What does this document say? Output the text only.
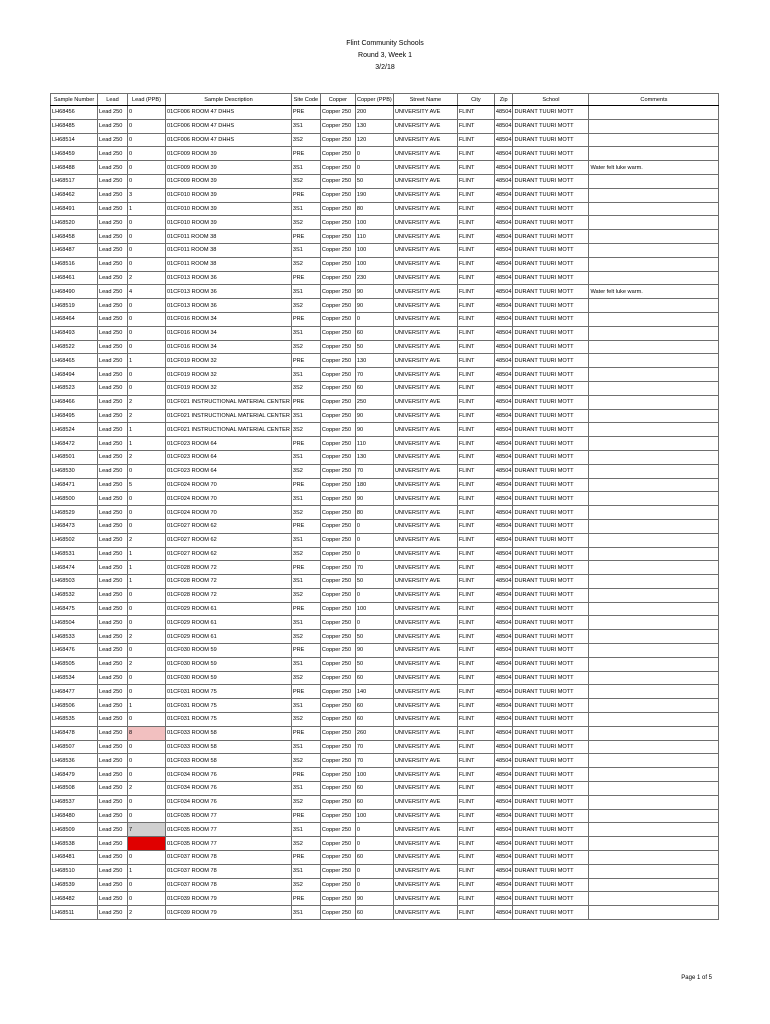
Flint Community Schools
Round 3, Week 1
3/2/18
Sample Number	Lead	Lead (PPB)	Sample Description	Site Code	Copper	Copper (PPB)	Street Name	City	Zip	School	Comments
LH68456	Lead 250	0	01CF006 ROOM 47 DHHS	PRE	Copper 250	200	UNIVERSITY AVE	FLINT	48504	DURANT TUURI MOTT	
LH68485	Lead 250	0	01CF006 ROOM 47 DHHS	3S1	Copper 250	130	UNIVERSITY AVE	FLINT	48504	DURANT TUURI MOTT	
LH68514	Lead 250	0	01CF006 ROOM 47 DHHS	3S2	Copper 250	120	UNIVERSITY AVE	FLINT	48504	DURANT TUURI MOTT	
LH68459	Lead 250	0	01CF009 ROOM 39	PRE	Copper 250	0	UNIVERSITY AVE	FLINT	48504	DURANT TUURI MOTT	
LH68488	Lead 250	0	01CF009 ROOM 39	3S1	Copper 250	0	UNIVERSITY AVE	FLINT	48504	DURANT TUURI MOTT	Water felt luke warm.
LH68517	Lead 250	0	01CF009 ROOM 39	3S2	Copper 250	50	UNIVERSITY AVE	FLINT	48504	DURANT TUURI MOTT	
LH68462	Lead 250	3	01CF010 ROOM 39	PRE	Copper 250	190	UNIVERSITY AVE	FLINT	48504	DURANT TUURI MOTT	
LH68491	Lead 250	1	01CF010 ROOM 39	3S1	Copper 250	80	UNIVERSITY AVE	FLINT	48504	DURANT TUURI MOTT	
LH68520	Lead 250	0	01CF010 ROOM 39	3S2	Copper 250	100	UNIVERSITY AVE	FLINT	48504	DURANT TUURI MOTT	
LH68458	Lead 250	0	01CF011 ROOM 38	PRE	Copper 250	110	UNIVERSITY AVE	FLINT	48504	DURANT TUURI MOTT	
LH68487	Lead 250	0	01CF011 ROOM 38	3S1	Copper 250	100	UNIVERSITY AVE	FLINT	48504	DURANT TUURI MOTT	
LH68516	Lead 250	0	01CF011 ROOM 38	3S2	Copper 250	100	UNIVERSITY AVE	FLINT	48504	DURANT TUURI MOTT	
LH68461	Lead 250	2	01CF013 ROOM 36	PRE	Copper 250	230	UNIVERSITY AVE	FLINT	48504	DURANT TUURI MOTT	
LH68490	Lead 250	4	01CF013 ROOM 36	3S1	Copper 250	90	UNIVERSITY AVE	FLINT	48504	DURANT TUURI MOTT	Water felt luke warm.
LH68519	Lead 250	0	01CF013 ROOM 36	3S2	Copper 250	90	UNIVERSITY AVE	FLINT	48504	DURANT TUURI MOTT	
LH68464	Lead 250	0	01CF016 ROOM 34	PRE	Copper 250	0	UNIVERSITY AVE	FLINT	48504	DURANT TUURI MOTT	
LH68493	Lead 250	0	01CF016 ROOM 34	3S1	Copper 250	60	UNIVERSITY AVE	FLINT	48504	DURANT TUURI MOTT	
LH68522	Lead 250	0	01CF016 ROOM 34	3S2	Copper 250	50	UNIVERSITY AVE	FLINT	48504	DURANT TUURI MOTT	
LH68465	Lead 250	1	01CF019 ROOM 32	PRE	Copper 250	130	UNIVERSITY AVE	FLINT	48504	DURANT TUURI MOTT	
LH68494	Lead 250	0	01CF019 ROOM 32	3S1	Copper 250	70	UNIVERSITY AVE	FLINT	48504	DURANT TUURI MOTT	
LH68523	Lead 250	0	01CF019 ROOM 32	3S2	Copper 250	60	UNIVERSITY AVE	FLINT	48504	DURANT TUURI MOTT	
LH68466	Lead 250	2	01CF021 INSTRUCTIONAL MATERIAL CENTER	PRE	Copper 250	250	UNIVERSITY AVE	FLINT	48504	DURANT TUURI MOTT	
LH68495	Lead 250	2	01CF021 INSTRUCTIONAL MATERIAL CENTER	3S1	Copper 250	90	UNIVERSITY AVE	FLINT	48504	DURANT TUURI MOTT	
LH68524	Lead 250	1	01CF021 INSTRUCTIONAL MATERIAL CENTER	3S2	Copper 250	90	UNIVERSITY AVE	FLINT	48504	DURANT TUURI MOTT	
LH68472	Lead 250	1	01CF023 ROOM 64	PRE	Copper 250	110	UNIVERSITY AVE	FLINT	48504	DURANT TUURI MOTT	
LH68501	Lead 250	2	01CF023 ROOM 64	3S1	Copper 250	130	UNIVERSITY AVE	FLINT	48504	DURANT TUURI MOTT	
LH68530	Lead 250	0	01CF023 ROOM 64	3S2	Copper 250	70	UNIVERSITY AVE	FLINT	48504	DURANT TUURI MOTT	
LH68471	Lead 250	5	01CF024 ROOM 70	PRE	Copper 250	180	UNIVERSITY AVE	FLINT	48504	DURANT TUURI MOTT	
LH68500	Lead 250	0	01CF024 ROOM 70	3S1	Copper 250	90	UNIVERSITY AVE	FLINT	48504	DURANT TUURI MOTT	
LH68529	Lead 250	0	01CF024 ROOM 70	3S2	Copper 250	80	UNIVERSITY AVE	FLINT	48504	DURANT TUURI MOTT	
LH68473	Lead 250	0	01CF027 ROOM 62	PRE	Copper 250	0	UNIVERSITY AVE	FLINT	48504	DURANT TUURI MOTT	
LH68502	Lead 250	2	01CF027 ROOM 62	3S1	Copper 250	0	UNIVERSITY AVE	FLINT	48504	DURANT TUURI MOTT	
LH68531	Lead 250	1	01CF027 ROOM 62	3S2	Copper 250	0	UNIVERSITY AVE	FLINT	48504	DURANT TUURI MOTT	
LH68474	Lead 250	1	01CF028 ROOM 72	PRE	Copper 250	70	UNIVERSITY AVE	FLINT	48504	DURANT TUURI MOTT	
LH68503	Lead 250	1	01CF028 ROOM 72	3S1	Copper 250	50	UNIVERSITY AVE	FLINT	48504	DURANT TUURI MOTT	
LH68532	Lead 250	0	01CF028 ROOM 72	3S2	Copper 250	0	UNIVERSITY AVE	FLINT	48504	DURANT TUURI MOTT	
LH68475	Lead 250	0	01CF029 ROOM 61	PRE	Copper 250	100	UNIVERSITY AVE	FLINT	48504	DURANT TUURI MOTT	
LH68504	Lead 250	0	01CF029 ROOM 61	3S1	Copper 250	0	UNIVERSITY AVE	FLINT	48504	DURANT TUURI MOTT	
LH68533	Lead 250	2	01CF029 ROOM 61	3S2	Copper 250	50	UNIVERSITY AVE	FLINT	48504	DURANT TUURI MOTT	
LH68476	Lead 250	0	01CF030 ROOM 59	PRE	Copper 250	90	UNIVERSITY AVE	FLINT	48504	DURANT TUURI MOTT	
LH68505	Lead 250	2	01CF030 ROOM 59	3S1	Copper 250	50	UNIVERSITY AVE	FLINT	48504	DURANT TUURI MOTT	
LH68534	Lead 250	0	01CF030 ROOM 59	3S2	Copper 250	60	UNIVERSITY AVE	FLINT	48504	DURANT TUURI MOTT	
LH68477	Lead 250	0	01CF031 ROOM 75	PRE	Copper 250	140	UNIVERSITY AVE	FLINT	48504	DURANT TUURI MOTT	
LH68506	Lead 250	1	01CF031 ROOM 75	3S1	Copper 250	60	UNIVERSITY AVE	FLINT	48504	DURANT TUURI MOTT	
LH68535	Lead 250	0	01CF031 ROOM 75	3S2	Copper 250	60	UNIVERSITY AVE	FLINT	48504	DURANT TUURI MOTT	
LH68478	Lead 250	8	01CF033 ROOM 58	PRE	Copper 250	260	UNIVERSITY AVE	FLINT	48504	DURANT TUURI MOTT	
LH68507	Lead 250	0	01CF033 ROOM 58	3S1	Copper 250	70	UNIVERSITY AVE	FLINT	48504	DURANT TUURI MOTT	
LH68536	Lead 250	0	01CF033 ROOM 58	3S2	Copper 250	70	UNIVERSITY AVE	FLINT	48504	DURANT TUURI MOTT	
LH68479	Lead 250	0	01CF034 ROOM 76	PRE	Copper 250	100	UNIVERSITY AVE	FLINT	48504	DURANT TUURI MOTT	
LH68508	Lead 250	2	01CF034 ROOM 76	3S1	Copper 250	60	UNIVERSITY AVE	FLINT	48504	DURANT TUURI MOTT	
LH68537	Lead 250	0	01CF034 ROOM 76	3S2	Copper 250	60	UNIVERSITY AVE	FLINT	48504	DURANT TUURI MOTT	
LH68480	Lead 250	0	01CF035 ROOM 77	PRE	Copper 250	100	UNIVERSITY AVE	FLINT	48504	DURANT TUURI MOTT	
LH68509	Lead 250	7	01CF035 ROOM 77	3S1	Copper 250	0	UNIVERSITY AVE	FLINT	48504	DURANT TUURI MOTT	
LH68538	Lead 250		01CF035 ROOM 77	3S2	Copper 250	0	UNIVERSITY AVE	FLINT	48504	DURANT TUURI MOTT	
LH68481	Lead 250	0	01CF037 ROOM 78	PRE	Copper 250	60	UNIVERSITY AVE	FLINT	48504	DURANT TUURI MOTT	
LH68510	Lead 250	1	01CF037 ROOM 78	3S1	Copper 250	0	UNIVERSITY AVE	FLINT	48504	DURANT TUURI MOTT	
LH68539	Lead 250	0	01CF037 ROOM 78	3S2	Copper 250	0	UNIVERSITY AVE	FLINT	48504	DURANT TUURI MOTT	
LH68482	Lead 250	0	01CF039 ROOM 79	PRE	Copper 250	90	UNIVERSITY AVE	FLINT	48504	DURANT TUURI MOTT	
LH68511	Lead 250	2	01CF039 ROOM 79	3S1	Copper 250	60	UNIVERSITY AVE	FLINT	48504	DURANT TUURI MOTT	
Page 1 of 5
